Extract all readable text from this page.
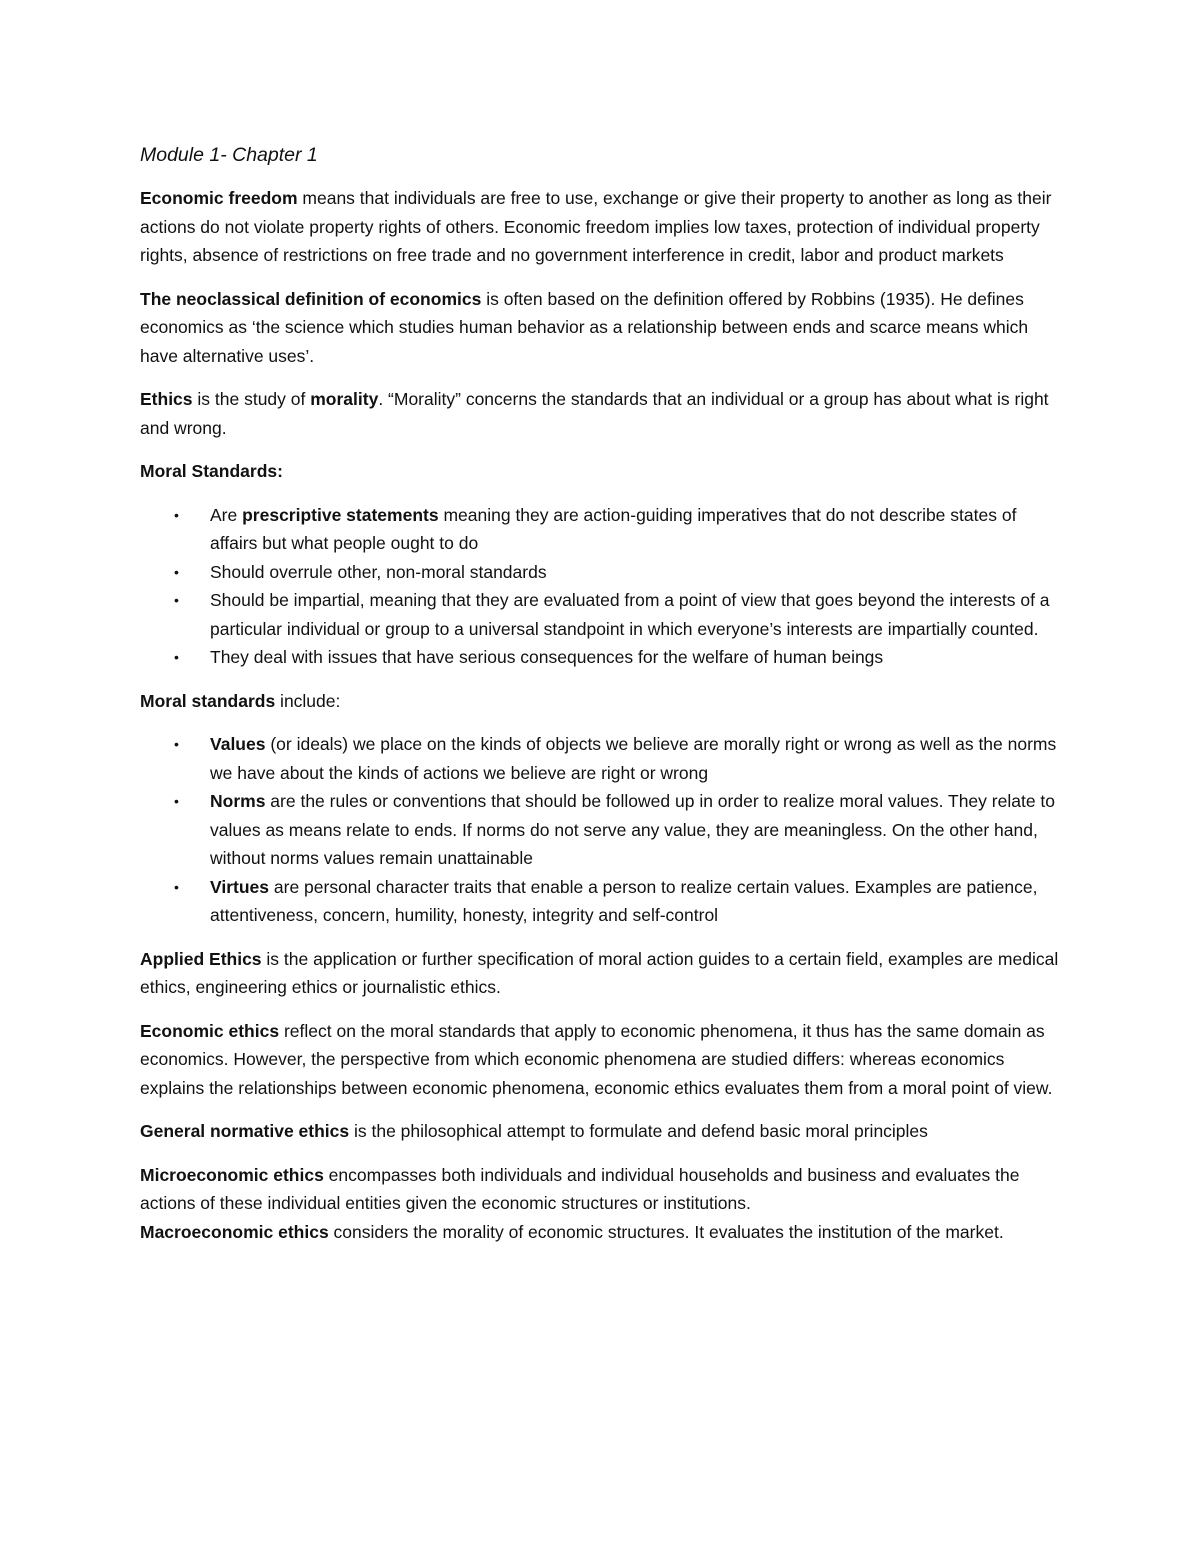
Module 1- Chapter 1

Economic freedom means that individuals are free to use, exchange or give their property to another as long as their actions do not violate property rights of others. Economic freedom implies low taxes, protection of individual property rights, absence of restrictions on free trade and no government interference in credit, labor and product markets

The neoclassical definition of economics is often based on the definition offered by Robbins (1935). He defines economics as ‘the science which studies human behavior as a relationship between ends and scarce means which have alternative uses’.

Ethics is the study of morality. “Morality” concerns the standards that an individual or a group has about what is right and wrong.

Moral Standards:
• Are prescriptive statements meaning they are action-guiding imperatives that do not describe states of affairs but what people ought to do
• Should overrule other, non-moral standards
• Should be impartial, meaning that they are evaluated from a point of view that goes beyond the interests of a particular individual or group to a universal standpoint in which everyone’s interests are impartially counted.
• They deal with issues that have serious consequences for the welfare of human beings

Moral standards include:

• Values (or ideals) we place on the kinds of objects we believe are morally right or wrong as well as the norms we have about the kinds of actions we believe are right or wrong
• Norms are the rules or conventions that should be followed up in order to realize moral values. They relate to values as means relate to ends. If norms do not serve any value, they are meaningless. On the other hand, without norms values remain unattainable
• Virtues are personal character traits that enable a person to realize certain values. Examples are patience, attentiveness, concern, humility, honesty, integrity and self-control

Applied Ethics is the application or further specification of moral action guides to a certain field, examples are medical ethics, engineering ethics or journalistic ethics.

Economic ethics reflect on the moral standards that apply to economic phenomena, it thus has the same domain as economics. However, the perspective from which economic phenomena are studied differs: whereas economics explains the relationships between economic phenomena, economic ethics evaluates them from a moral point of view.

General normative ethics is the philosophical attempt to formulate and defend basic moral principles

Microeconomic ethics encompasses both individuals and individual households and business and evaluates the actions of these individual entities given the economic structures or institutions.

Macroeconomic ethics considers the morality of economic structures. It evaluates the institution of the market.
